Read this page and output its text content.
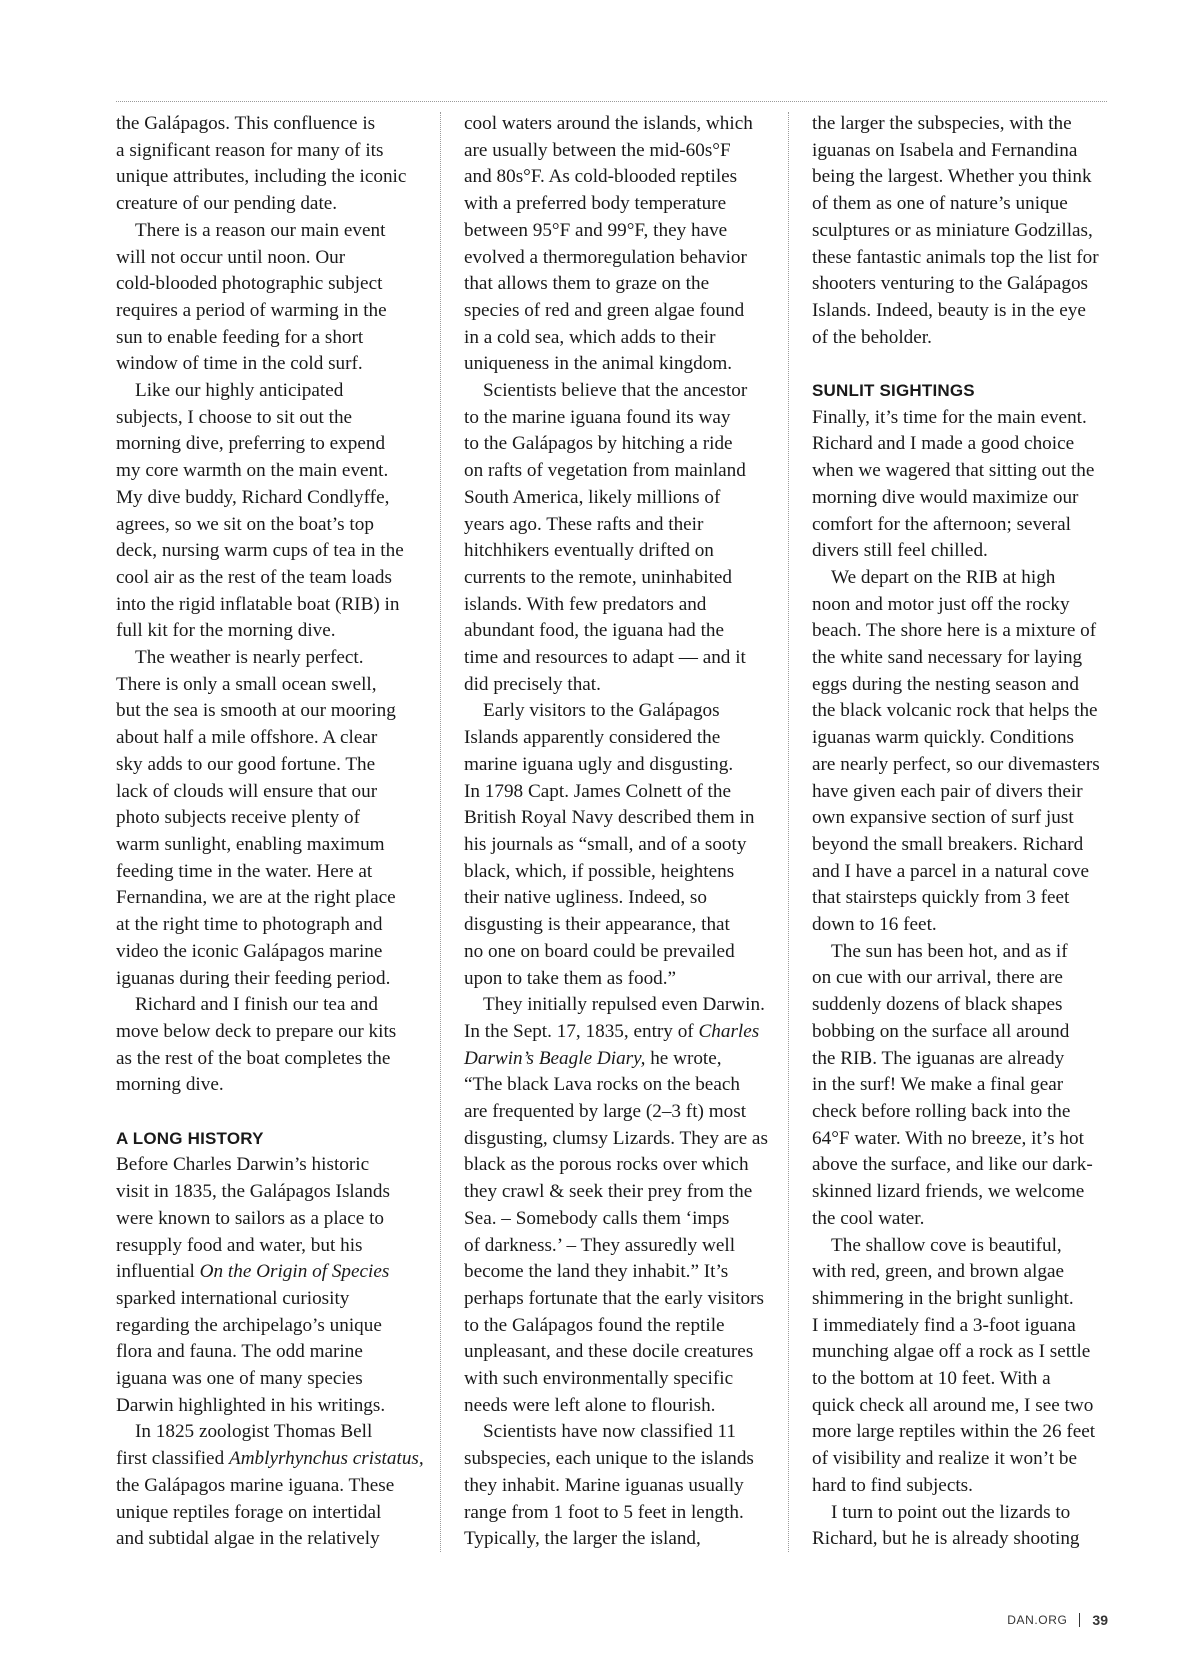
the Galápagos. This confluence is
a significant reason for many of its
unique attributes, including the iconic
creature of our pending date.

There is a reason our main event
will not occur until noon. Our
cold-blooded photographic subject
requires a period of warming in the
sun to enable feeding for a short
window of time in the cold surf.

Like our highly anticipated
subjects, I choose to sit out the
morning dive, preferring to expend
my core warmth on the main event.
My dive buddy, Richard Condlyffe,
agrees, so we sit on the boat’s top
deck, nursing warm cups of tea in the
cool air as the rest of the team loads
into the rigid inflatable boat (RIB) in
full kit for the morning dive.

The weather is nearly perfect.
There is only a small ocean swell,
but the sea is smooth at our mooring
about half a mile offshore. A clear
sky adds to our good fortune. The
lack of clouds will ensure that our
photo subjects receive plenty of
warm sunlight, enabling maximum
feeding time in the water. Here at
Fernandina, we are at the right place
at the right time to photograph and
video the iconic Galápagos marine
iguanas during their feeding period.

Richard and I finish our tea and
move below deck to prepare our kits
as the rest of the boat completes the
morning dive.

A LONG HISTORY

Before Charles Darwin’s historic
visit in 1835, the Galápagos Islands
were known to sailors as a place to
resupply food and water, but his
influential On the Origin of Species
sparked international curiosity
regarding the archipelago’s unique
flora and fauna. The odd marine
iguana was one of many species
Darwin highlighted in his writings.

In 1825 zoologist Thomas Bell
first classified Amblyrhynchus cristatus,
the Galápagos marine iguana. These
unique reptiles forage on intertidal
and subtidal algae in the relatively

cool waters around the islands, which
are usually between the mid-60s°F
and 80s°F. As cold-blooded reptiles
with a preferred body temperature
between 95°F and 99°F, they have
evolved a thermoregulation behavior
that allows them to graze on the
species of red and green algae found
in a cold sea, which adds to their
uniqueness in the animal kingdom.

Scientists believe that the ancestor
to the marine iguana found its way
to the Galápagos by hitching a ride
on rafts of vegetation from mainland
South America, likely millions of
years ago. These rafts and their
hitchhikers eventually drifted on
currents to the remote, uninhabited
islands. With few predators and
abundant food, the iguana had the
time and resources to adapt — and it
did precisely that.

Early visitors to the Galápagos
Islands apparently considered the
marine iguana ugly and disgusting.
In 1798 Capt. James Colnett of the
British Royal Navy described them in
his journals as “small, and of a sooty
black, which, if possible, heightens
their native ugliness. Indeed, so
disgusting is their appearance, that
no one on board could be prevailed
upon to take them as food.”

They initially repulsed even Darwin.
In the Sept. 17, 1835, entry of Charles
Darwin’s Beagle Diary, he wrote,
“The black Lava rocks on the beach
are frequented by large (2–3 ft) most
disgusting, clumsy Lizards. They are as
black as the porous rocks over which
they crawl & seek their prey from the
Sea. – Somebody calls them ‘imps
of darkness.’ – They assuredly well
become the land they inhabit.” It’s
perhaps fortunate that the early visitors
to the Galápagos found the reptile
unpleasant, and these docile creatures
with such environmentally specific
needs were left alone to flourish.

Scientists have now classified 11
subspecies, each unique to the islands
they inhabit. Marine iguanas usually
range from 1 foot to 5 feet in length.
Typically, the larger the island,

the larger the subspecies, with the
iguanas on Isabela and Fernandina
being the largest. Whether you think
of them as one of nature’s unique
sculptures or as miniature Godzillas,
these fantastic animals top the list for
shooters venturing to the Galápagos
Islands. Indeed, beauty is in the eye
of the beholder.

SUNLIT SIGHTINGS

Finally, it’s time for the main event.
Richard and I made a good choice
when we wagered that sitting out the
morning dive would maximize our
comfort for the afternoon; several
divers still feel chilled.

We depart on the RIB at high
noon and motor just off the rocky
beach. The shore here is a mixture of
the white sand necessary for laying
eggs during the nesting season and
the black volcanic rock that helps the
iguanas warm quickly. Conditions
are nearly perfect, so our divemasters
have given each pair of divers their
own expansive section of surf just
beyond the small breakers. Richard
and I have a parcel in a natural cove
that stairsteps quickly from 3 feet
down to 16 feet.

The sun has been hot, and as if
on cue with our arrival, there are
suddenly dozens of black shapes
bobbing on the surface all around
the RIB. The iguanas are already
in the surf! We make a final gear
check before rolling back into the
64°F water. With no breeze, it’s hot
above the surface, and like our dark-
skinned lizard friends, we welcome
the cool water.

The shallow cove is beautiful,
with red, green, and brown algae
shimmering in the bright sunlight.
I immediately find a 3-foot iguana
munching algae off a rock as I settle
to the bottom at 10 feet. With a
quick check all around me, I see two
more large reptiles within the 26 feet
of visibility and realize it won’t be
hard to find subjects.

I turn to point out the lizards to
Richard, but he is already shooting

DAN.ORG 39
